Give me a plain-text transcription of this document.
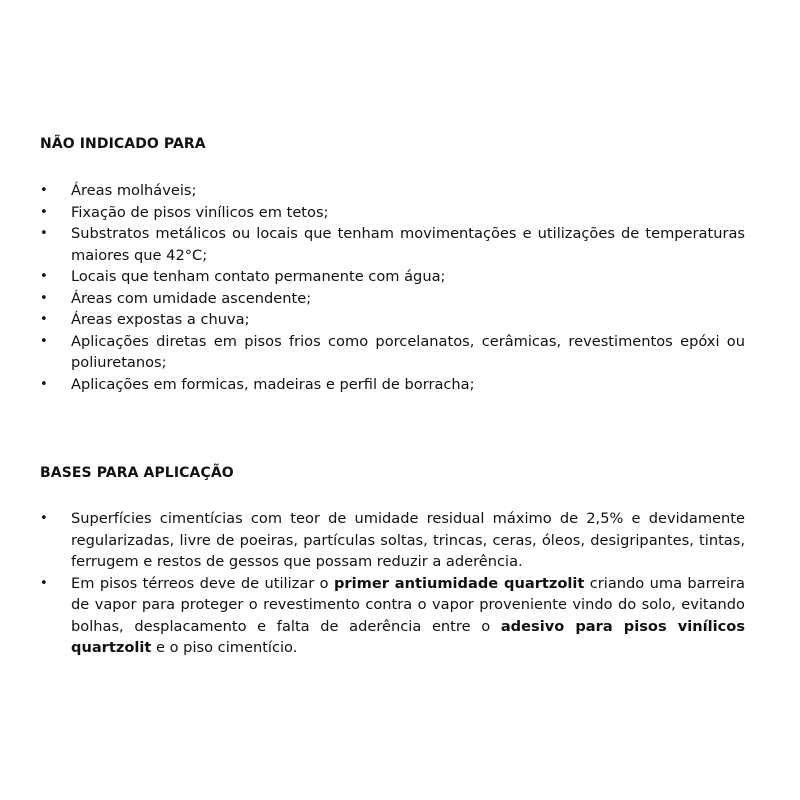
NÃO INDICADO PARA
• Áreas molháveis;
• Fixação de pisos vinílicos em tetos;
• Substratos metálicos ou locais que tenham movimentações e utilizações de temperaturas maiores que 42°C;
• Locais que tenham contato permanente com água;
• Áreas com umidade ascendente;
• Áreas expostas a chuva;
• Aplicações diretas em pisos frios como porcelanatos, cerâmicas, revestimentos epóxi ou poliuretanos;
• Aplicações em formicas, madeiras e perfil de borracha;
BASES PARA APLICAÇÃO
• Superfícies cimentícias com teor de umidade residual máximo de 2,5% e devidamente regularizadas, livre de poeiras, partículas soltas, trincas, ceras, óleos, desigripantes, tintas, ferrugem e restos de gessos que possam reduzir a aderência.
• Em pisos térreos deve de utilizar o primer antiumidade quartzolit criando uma barreira de vapor para proteger o revestimento contra o vapor proveniente vindo do solo, evitando bolhas, desplacamento e falta de aderência entre o adesivo para pisos vinílicos quartzolit e o piso cimentício.
